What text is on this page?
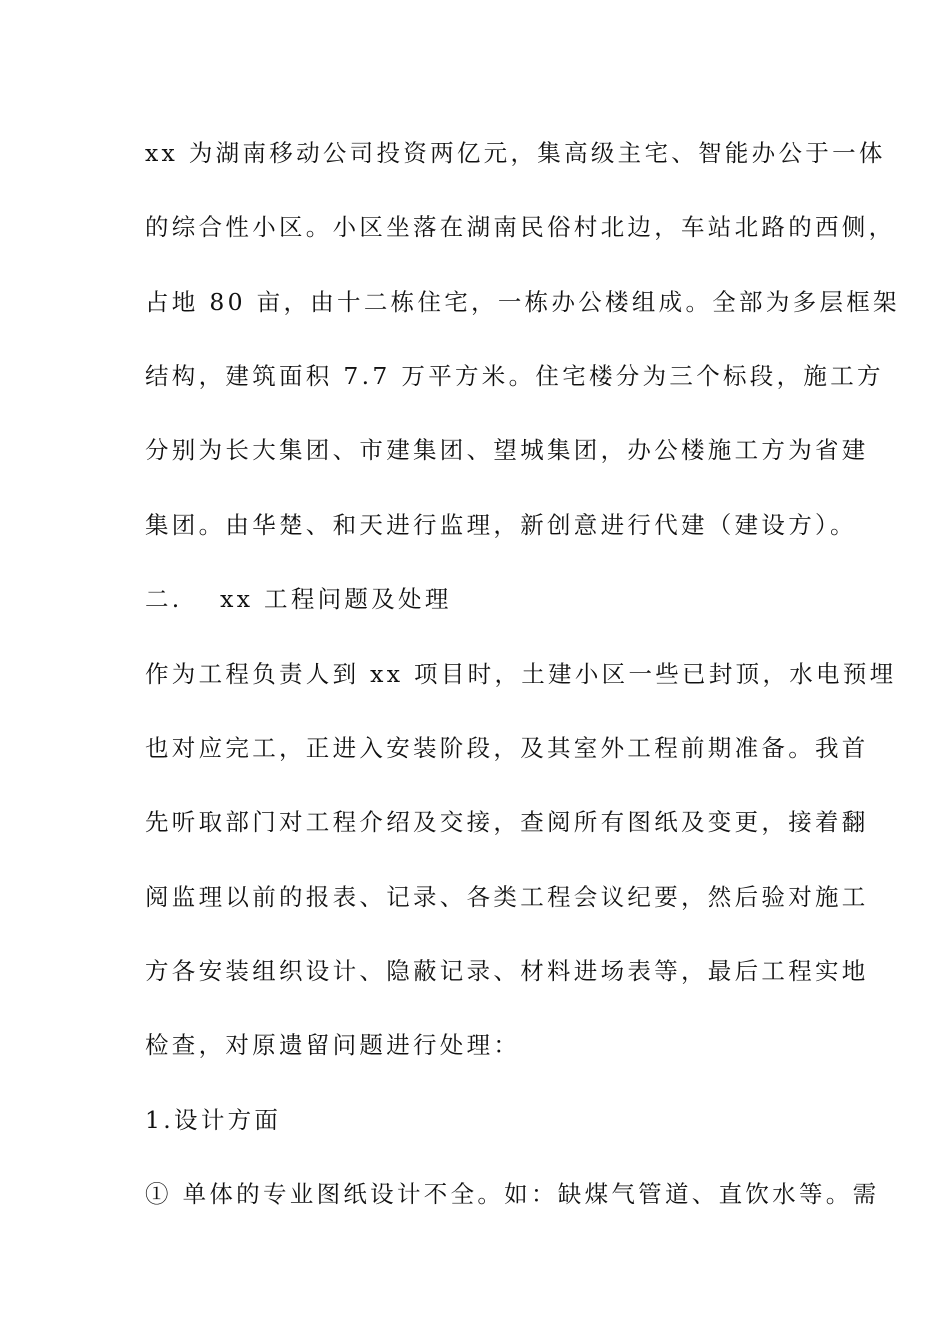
xx 为湖南移动公司投资两亿元，集高级主宅、智能办公于一体
的综合性小区。小区坐落在湖南民俗村北边，车站北路的西侧，
占地 80 亩，由十二栋住宅，一栋办公楼组成。全部为多层框架
结构，建筑面积 7.7 万平方米。住宅楼分为三个标段，施工方
分别为长大集团、市建集团、望城集团，办公楼施工方为省建
集团。由华楚、和天进行监理，新创意进行代建（建设方）。
二.　 xx 工程问题及处理
作为工程负责人到 xx 项目时，土建小区一些已封顶，水电预埋
也对应完工，正进入安装阶段，及其室外工程前期准备。我首
先听取部门对工程介绍及交接，查阅所有图纸及变更，接着翻
阅监理以前的报表、记录、各类工程会议纪要，然后验对施工
方各安装组织设计、隐蔽记录、材料进场表等，最后工程实地
检查，对原遗留问题进行处理：
1.设计方面
① 单体的专业图纸设计不全。如：缺煤气管道、直饮水等。需
